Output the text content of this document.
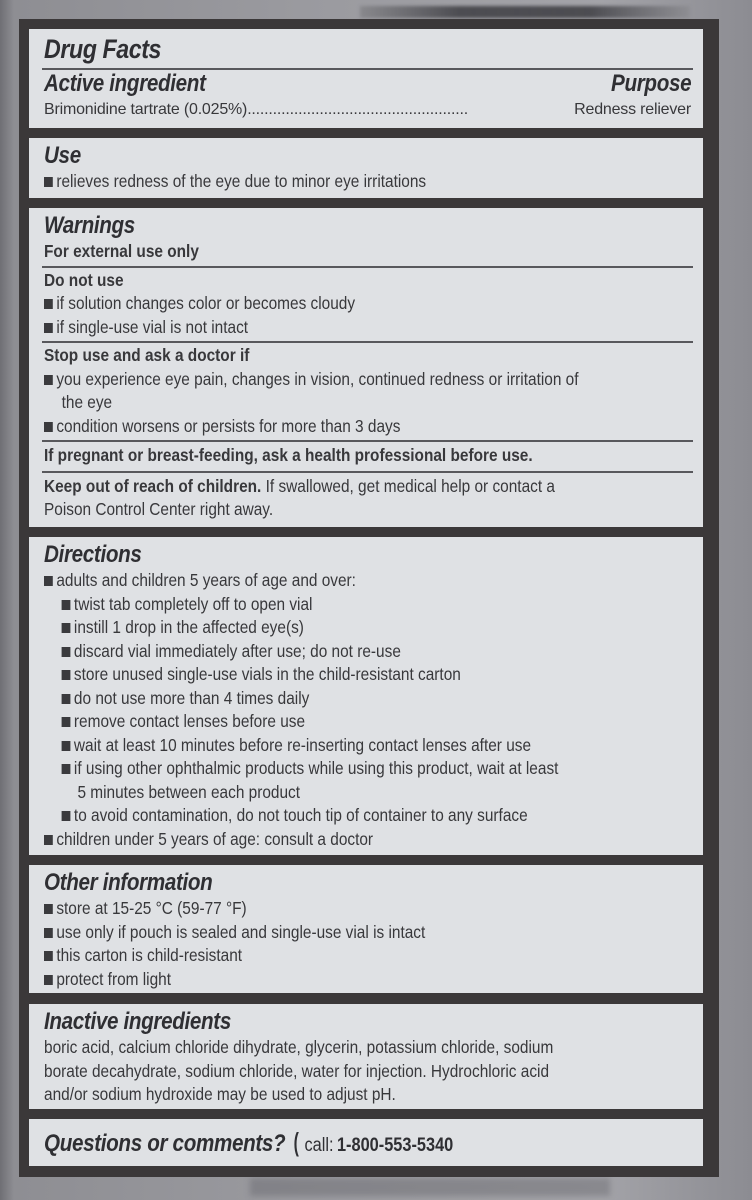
Drug Facts
Active ingredient	Purpose
Brimonidine tartrate (0.025%) ....................................................	Redness reliever
Use
relieves redness of the eye due to minor eye irritations
Warnings
For external use only
Do not use
if solution changes color or becomes cloudy
if single-use vial is not intact
Stop use and ask a doctor if
you experience eye pain, changes in vision, continued redness or irritation of
the eye
condition worsens or persists for more than 3 days
If pregnant or breast-feeding, ask a health professional before use.
Keep out of reach of children. If swallowed, get medical help or contact a
Poison Control Center right away.
Directions
adults and children 5 years of age and over:
twist tab completely off to open vial
instill 1 drop in the affected eye(s)
discard vial immediately after use; do not re-use
store unused single-use vials in the child-resistant carton
do not use more than 4 times daily
remove contact lenses before use
wait at least 10 minutes before re-inserting contact lenses after use
if using other ophthalmic products while using this product, wait at least
5 minutes between each product
to avoid contamination, do not touch tip of container to any surface
children under 5 years of age: consult a doctor
Other information
store at 15-25 °C (59-77 °F)
use only if pouch is sealed and single-use vial is intact
this carton is child-resistant
protect from light
Inactive ingredients
boric acid, calcium chloride dihydrate, glycerin, potassium chloride, sodium
borate decahydrate, sodium chloride, water for injection. Hydrochloric acid
and/or sodium hydroxide may be used to adjust pH.
Questions or comments? ( call: 1-800-553-5340
